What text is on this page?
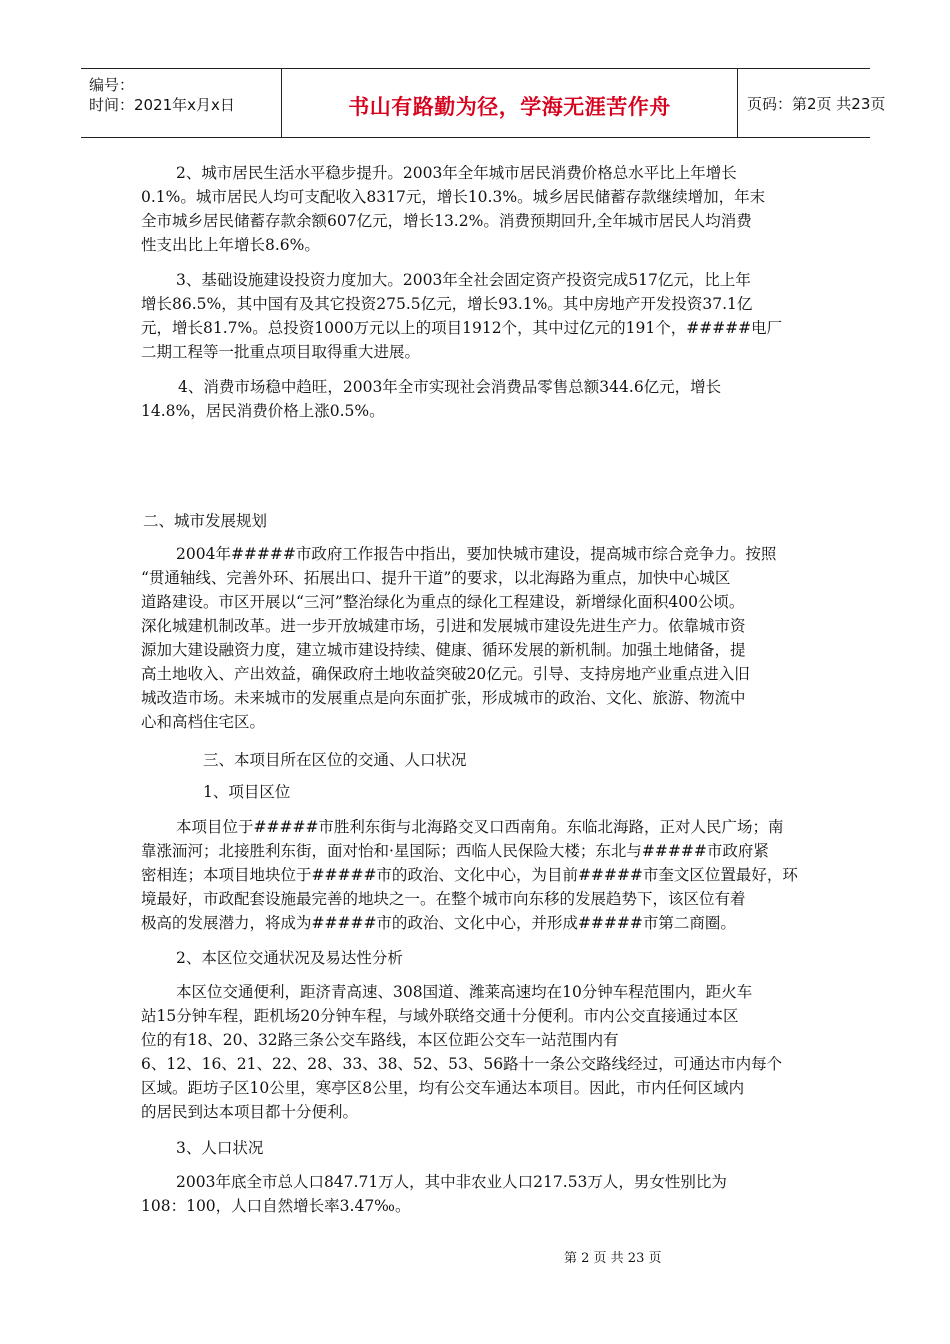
编号：
时间：2021年x月x日	书山有路勤为径，学海无涯苦作舟	页码：第2页 共23页
2、城市居民生活水平稳步提升。2003年全年城市居民消费价格总水平比上年增长
0.1%。城市居民人均可支配收入8317元，增长10.3%。城乡居民储蓄存款继续增加，年末
全市城乡居民储蓄存款余额607亿元，增长13.2%。消费预期回升,全年城市居民人均消费
性支出比上年增长8.6%。
3、基础设施建设投资力度加大。2003年全社会固定资产投资完成517亿元，比上年
增长86.5%，其中国有及其它投资275.5亿元，增长93.1%。其中房地产开发投资37.1亿
元，增长81.7%。总投资1000万元以上的项目1912个，其中过亿元的191个，#####电厂
二期工程等一批重点项目取得重大进展。
4、消费市场稳中趋旺，2003年全市实现社会消费品零售总额344.6亿元，增长
14.8%，居民消费价格上涨0.5%。
二、城市发展规划
2004年#####市政府工作报告中指出，要加快城市建设，提高城市综合竞争力。按照
“贯通轴线、完善外环、拓展出口、提升干道”的要求，以北海路为重点，加快中心城区
道路建设。市区开展以“三河”整治绿化为重点的绿化工程建设，新增绿化面积400公顷。
深化城建机制改革。进一步开放城建市场，引进和发展城市建设先进生产力。依靠城市资
源加大建设融资力度，建立城市建设持续、健康、循环发展的新机制。加强土地储备，提
高土地收入、产出效益，确保政府土地收益突破20亿元。引导、支持房地产业重点进入旧
城改造市场。未来城市的发展重点是向东面扩张，形成城市的政治、文化、旅游、物流中
心和高档住宅区。
三、本项目所在区位的交通、人口状况
1、项目区位
本项目位于#####市胜利东街与北海路交叉口西南角。东临北海路，正对人民广场；南
靠涨洏河；北接胜利东街，面对怡和·星国际；西临人民保险大楼；东北与#####市政府紧
密相连；本项目地块位于#####市的政治、文化中心，为目前#####市奎文区位置最好，环
境最好，市政配套设施最完善的地块之一。在整个城市向东移的发展趋势下，该区位有着
极高的发展潜力，将成为#####市的政治、文化中心，并形成#####市第二商圈。
2、本区位交通状况及易达性分析
本区位交通便利，距济青高速、308国道、潍莱高速均在10分钟车程范围内，距火车
站15分钟车程，距机场20分钟车程，与域外联络交通十分便利。市内公交直接通过本区
位的有18、20、32路三条公交车路线，本区位距公交车一站范围内有
6、12、16、21、22、28、33、38、52、53、56路十一条公交路线经过，可通达市内每个
区域。距坊子区10公里，寒亭区8公里，均有公交车通达本项目。因此，市内任何区域内
的居民到达本项目都十分便利。
3、人口状况
2003年底全市总人口847.71万人，其中非农业人口217.53万人，男女性别比为
108：100，人口自然增长率3.47‰。
第 2 页 共 23 页
